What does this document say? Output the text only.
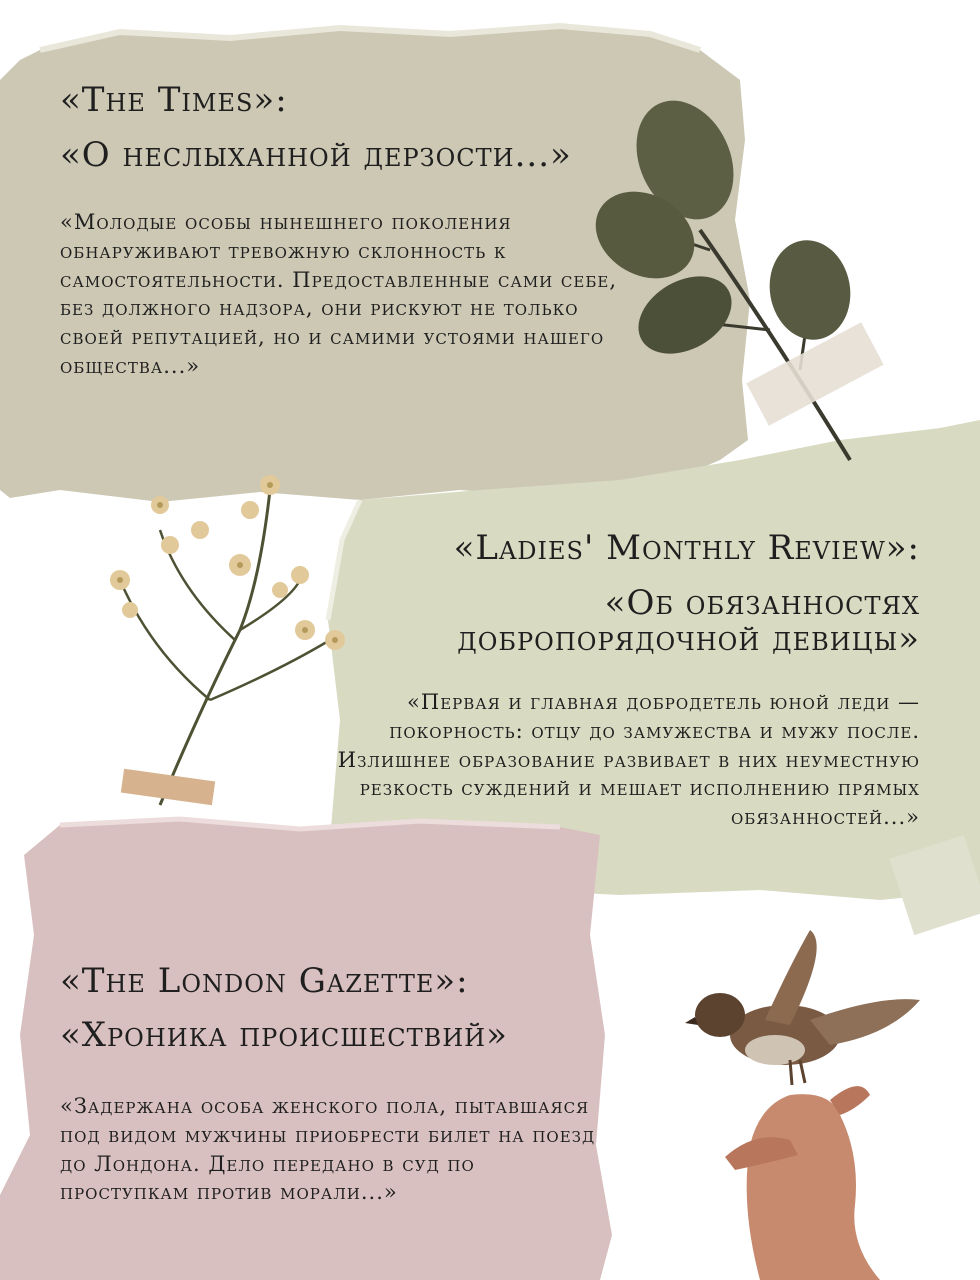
«The Times»:
«О неслыханной дерзости...»
«Молодые особы нынешнего поколения обнаруживают тревожную склонность к самостоятельности. Предоставленные сами себе, без должного надзора, они рискуют не только своей репутацией, но и самими устоями нашего общества...»
«Ladies' Monthly Review»:
«Об обязанностях добропорядочной девицы»
«Первая и главная добродетель юной леди — покорность: отцу до замужества и мужу после. Излишнее образование развивает в них неуместную резкость суждений и мешает исполнению прямых обязанностей...»
«The London Gazette»:
«Хроника происшествий»
«Задержана особа женского пола, пытавшаяся под видом мужчины приобрести билет на поезд до Лондона. Дело передано в суд по проступкам против морали...»
